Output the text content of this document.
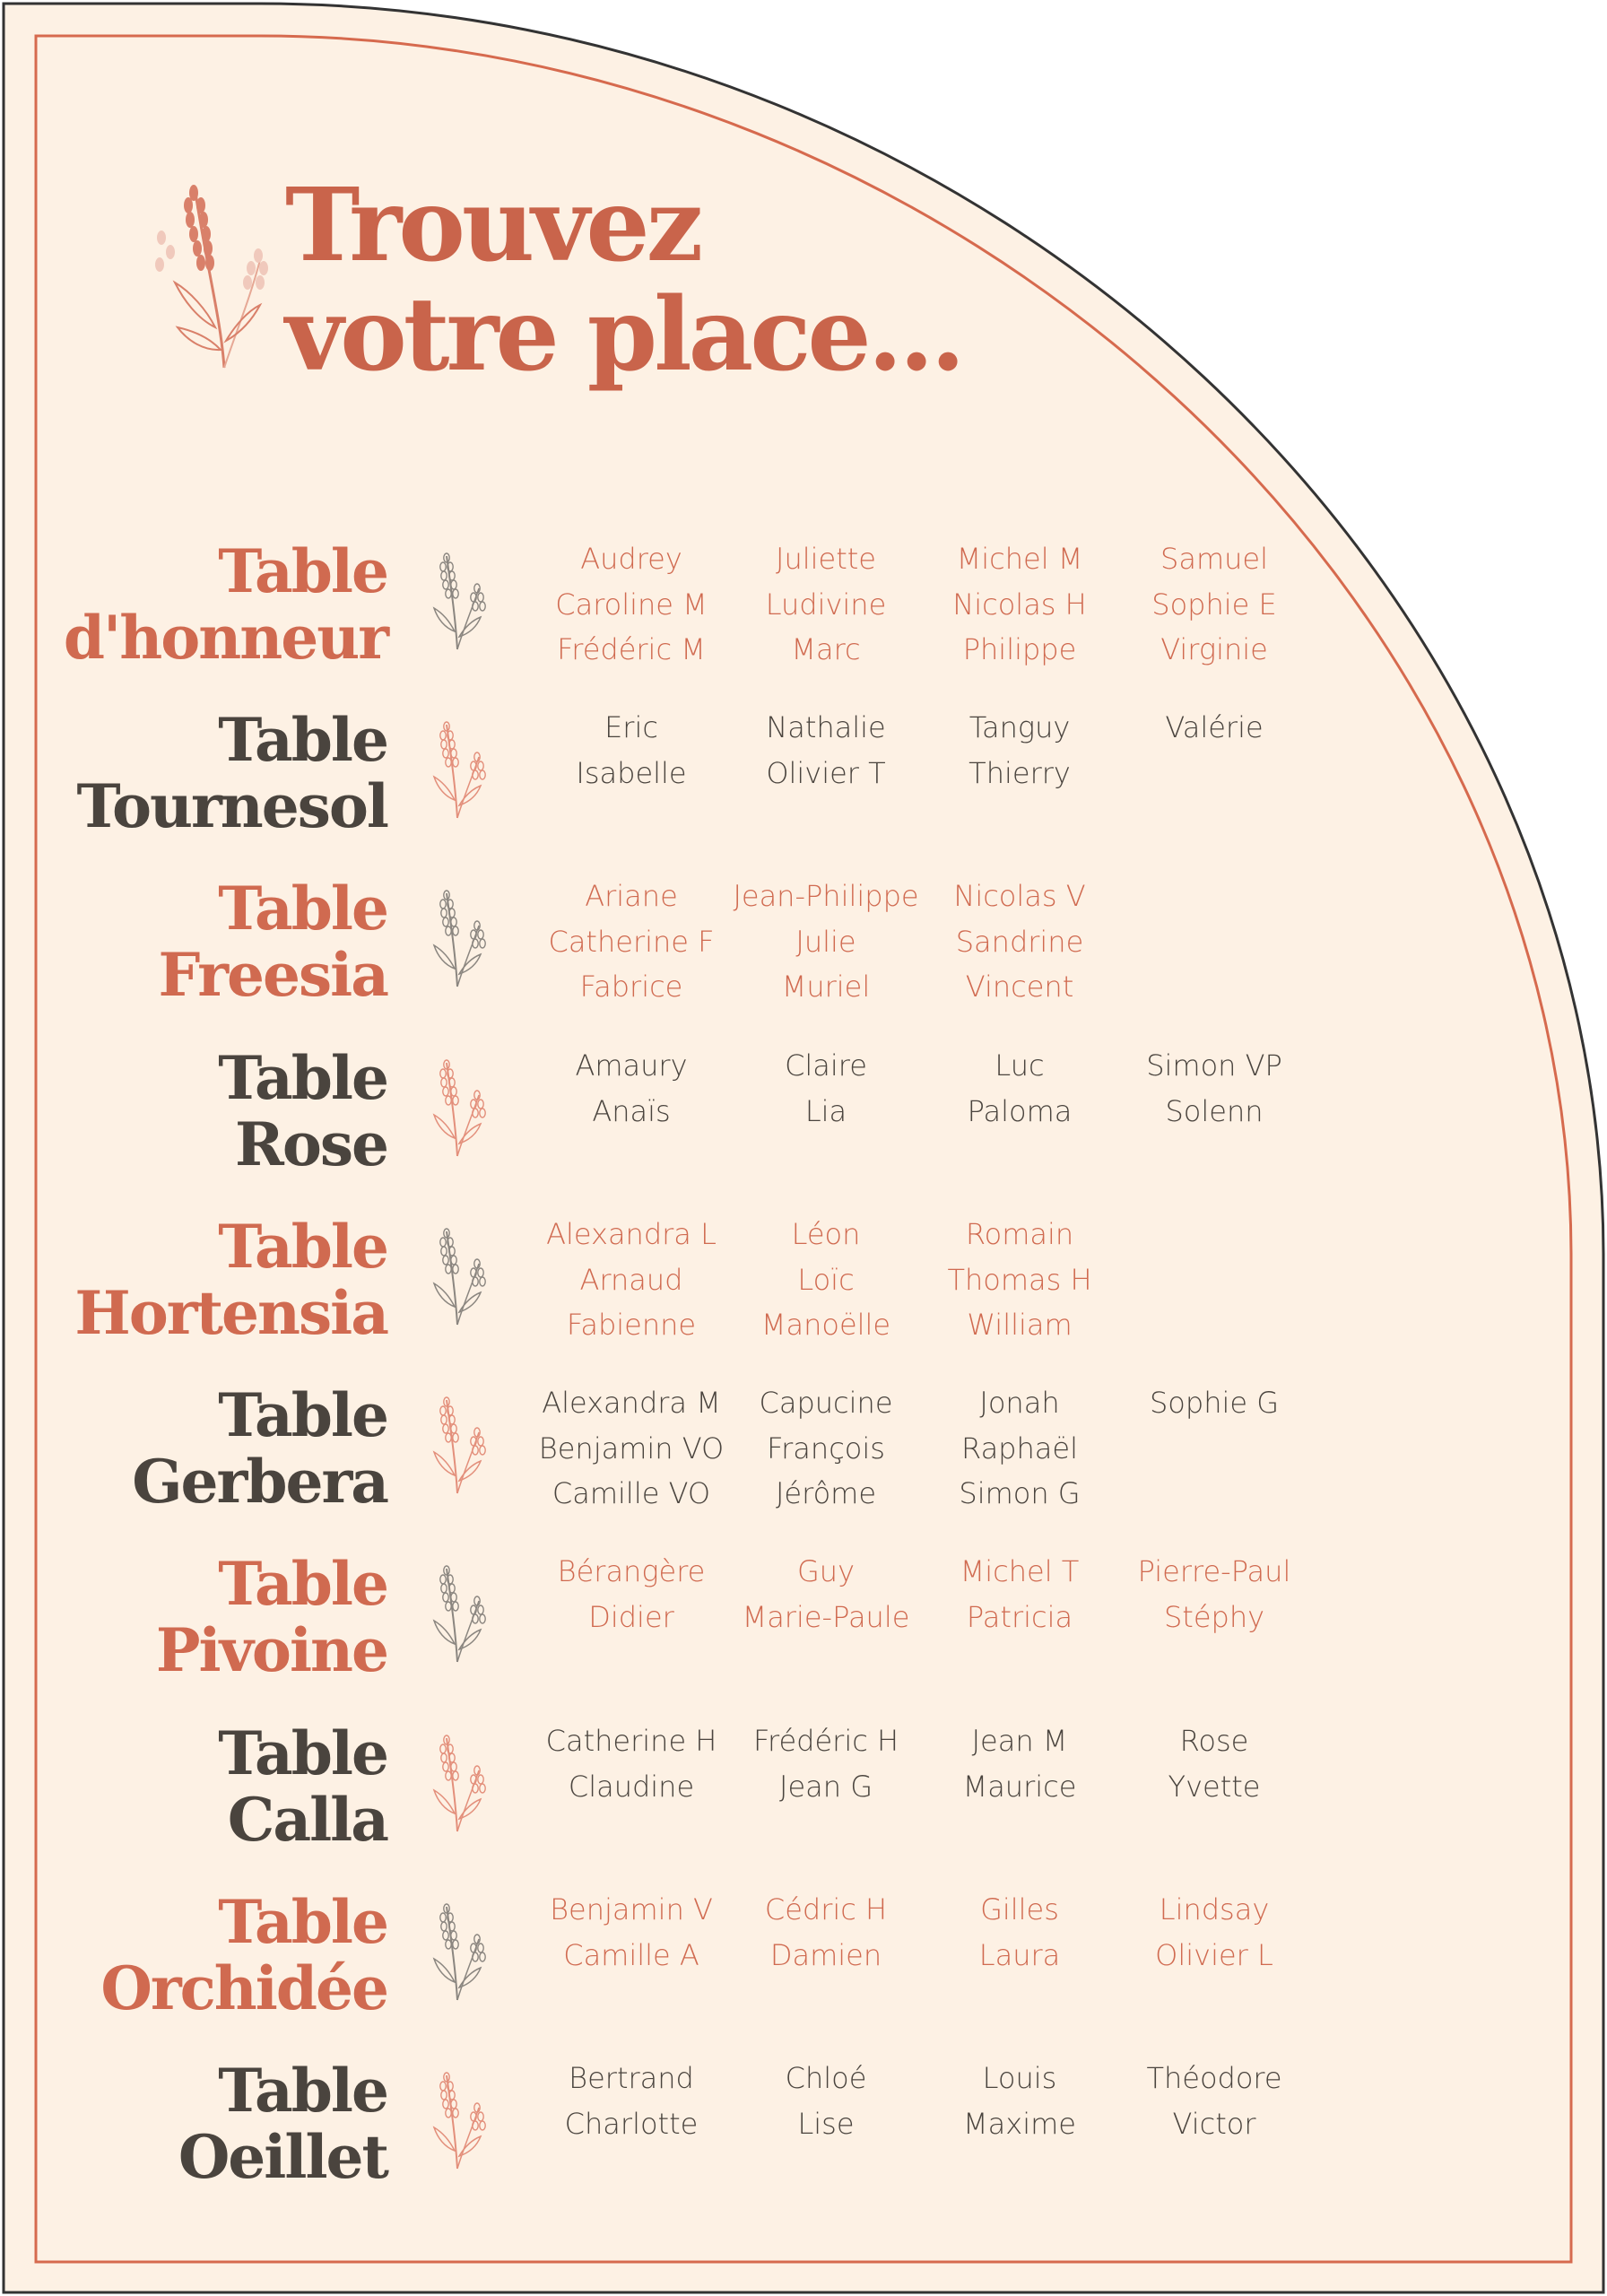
Trouvez
votre place...
Table
d'honneur
Audrey
Caroline M
Frédéric M
Juliette
Ludivine
Marc
Michel M
Nicolas H
Philippe
Samuel
Sophie E
Virginie
Table
Tournesol
Eric
Isabelle
Nathalie
Olivier T
Tanguy
Thierry
Valérie
Table
Freesia
Ariane
Catherine F
Fabrice
Jean-Philippe
Julie
Muriel
Nicolas V
Sandrine
Vincent
Table
Rose
Amaury
Anaïs
Claire
Lia
Luc
Paloma
Simon VP
Solenn
Table
Hortensia
Alexandra L
Arnaud
Fabienne
Léon
Loïc
Manoëlle
Romain
Thomas H
William
Table
Gerbera
Alexandra M
Benjamin VO
Camille VO
Capucine
François
Jérôme
Jonah
Raphaël
Simon G
Sophie G
Table
Pivoine
Bérangère
Didier
Guy
Marie-Paule
Michel T
Patricia
Pierre-Paul
Stéphy
Table
Calla
Catherine H
Claudine
Frédéric H
Jean G
Jean M
Maurice
Rose
Yvette
Table
Orchidée
Benjamin V
Camille A
Cédric H
Damien
Gilles
Laura
Lindsay
Olivier L
Table
Oeillet
Bertrand
Charlotte
Chloé
Lise
Louis
Maxime
Théodore
Victor
